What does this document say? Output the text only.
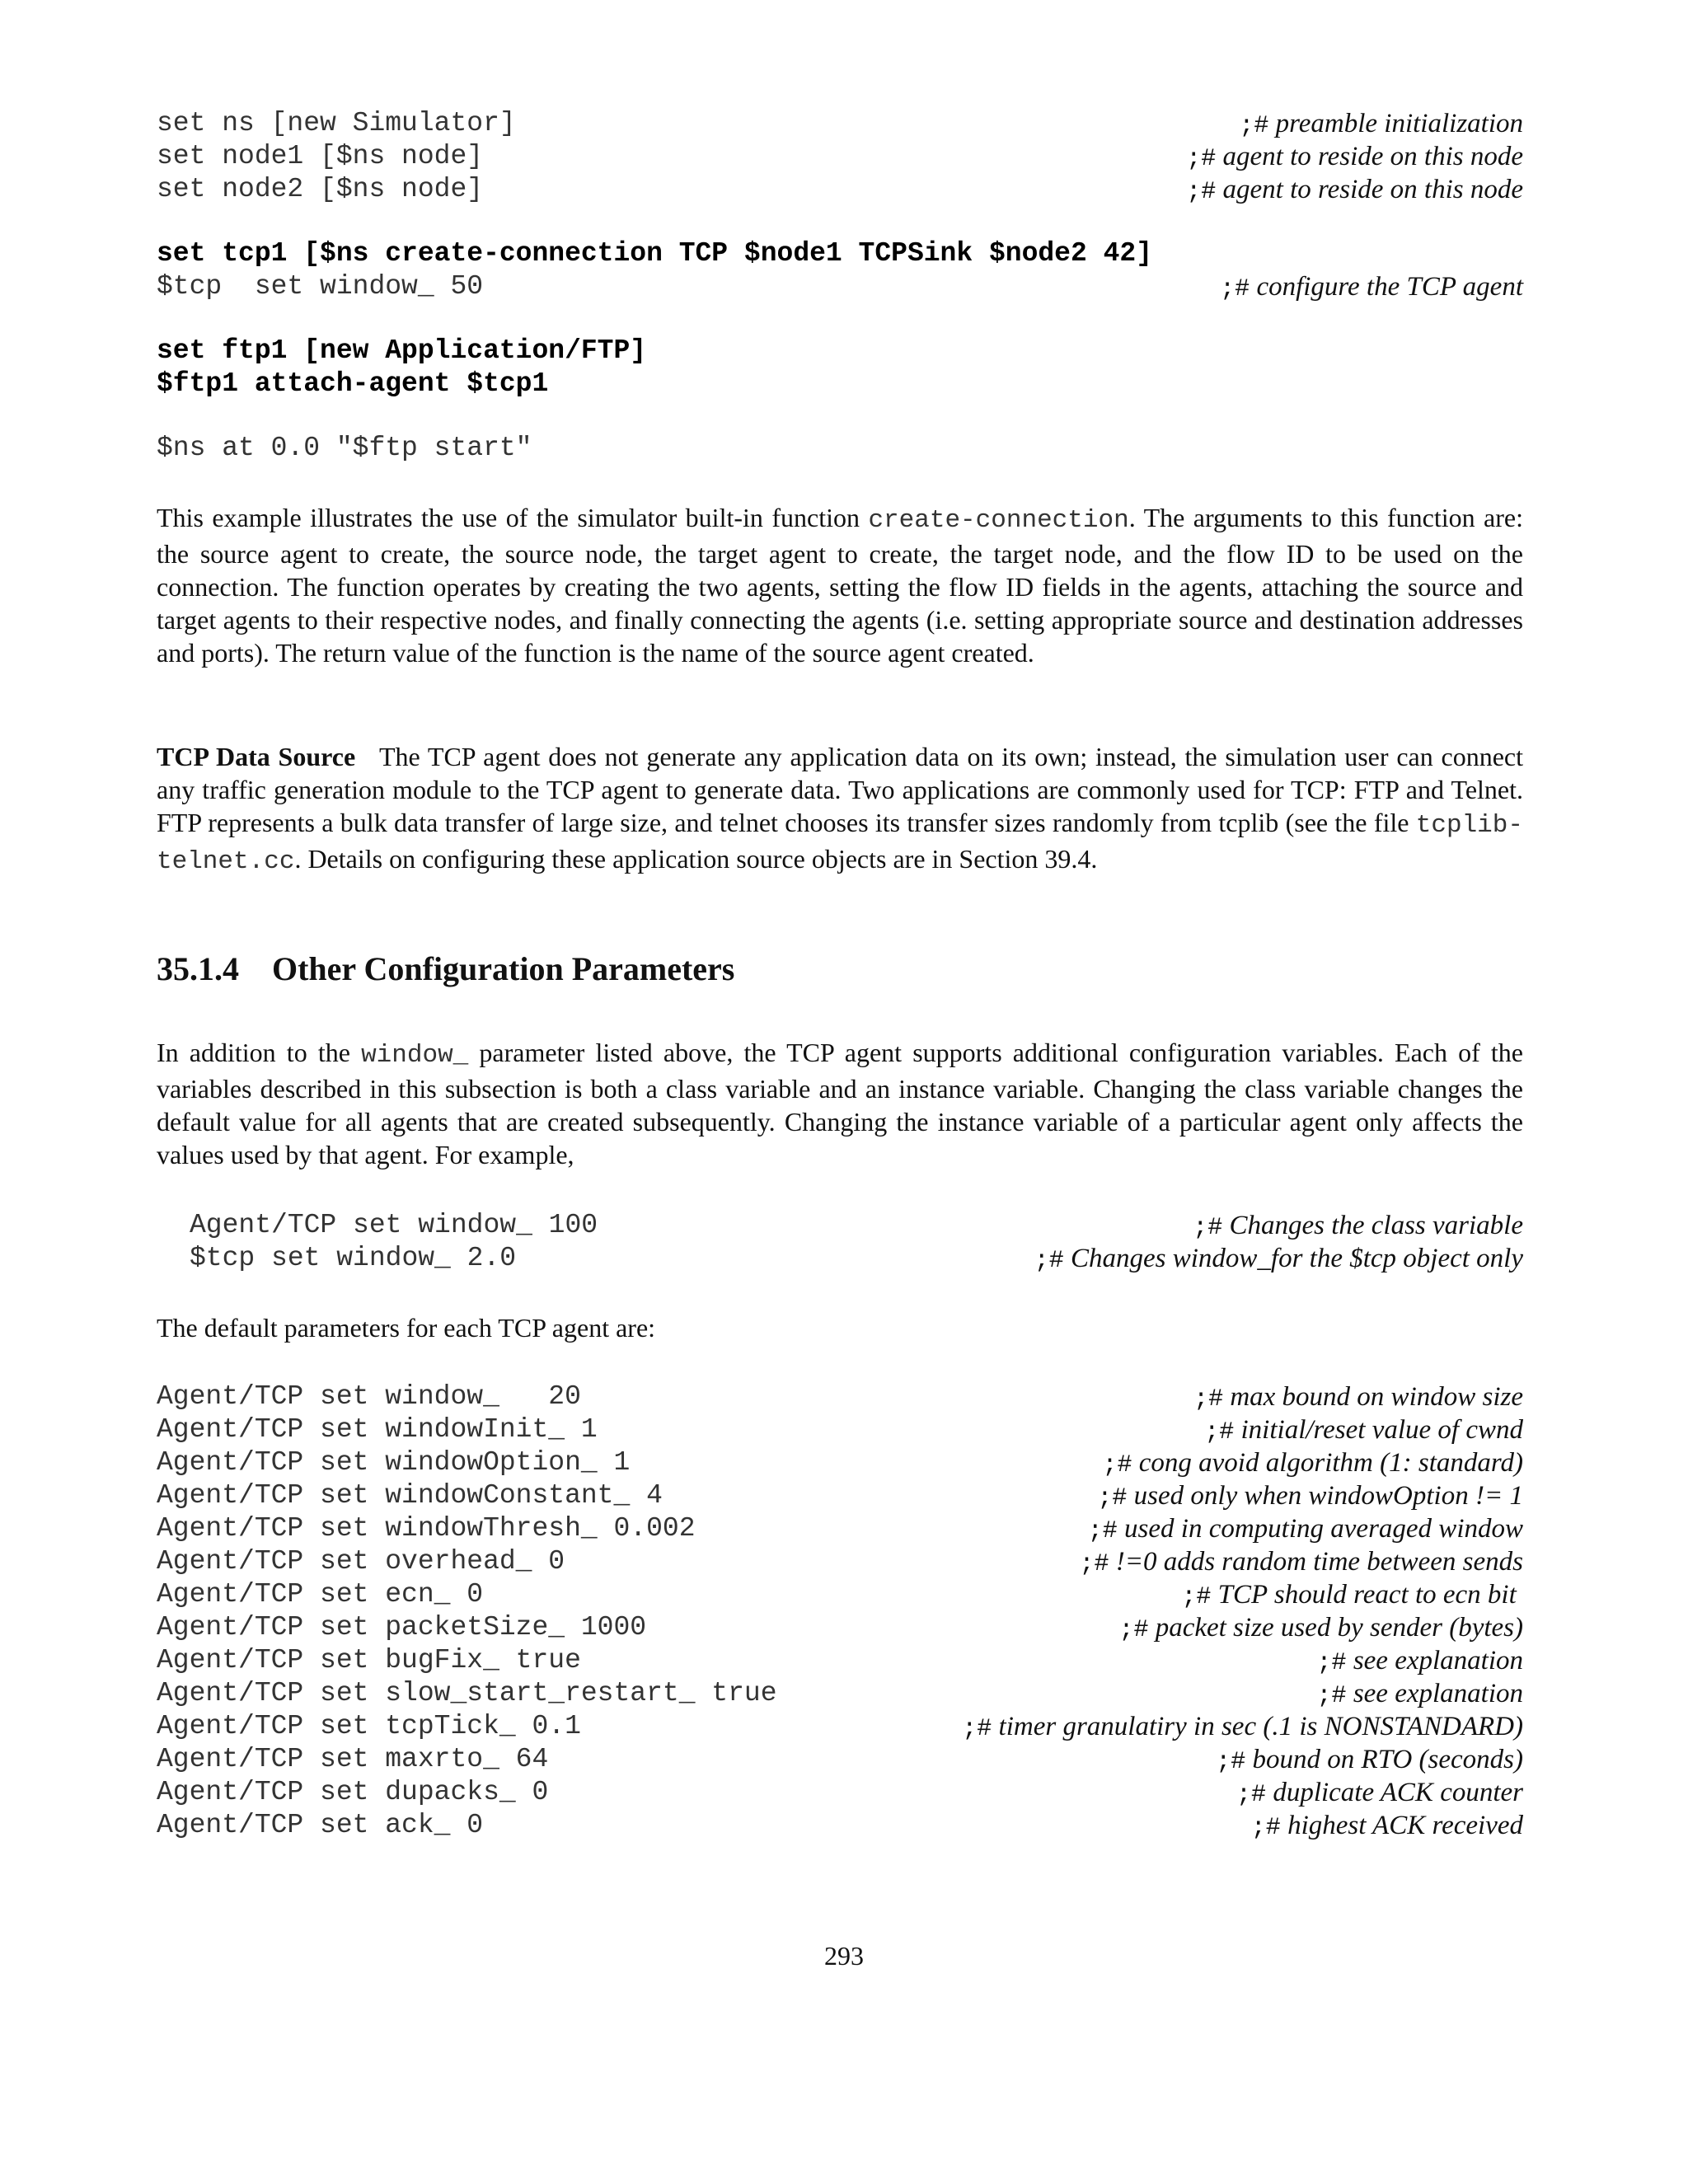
set ns [new Simulator]	;# preamble initialization
set node1 [$ns node]	;# agent to reside on this node
set node2 [$ns node]	;# agent to reside on this node
set tcp1 [$ns create-connection TCP $node1 TCPSink $node2 42]
$tcp  set window_ 50	;# configure the TCP agent
set ftp1 [new Application/FTP]
$ftp1 attach-agent $tcp1
$ns at 0.0 "$ftp start"

This example illustrates the use of the simulator built-in function create-connection. The arguments to this function are: the source agent to create, the source node, the target agent to create, the target node, and the flow ID to be used on the connection. The function operates by creating the two agents, setting the flow ID fields in the agents, attaching the source and target agents to their respective nodes, and finally connecting the agents (i.e. setting appropriate source and destination addresses and ports). The return value of the function is the name of the source agent created.

TCP Data Source   The TCP agent does not generate any application data on its own; instead, the simulation user can connect any traffic generation module to the TCP agent to generate data. Two applications are commonly used for TCP: FTP and Telnet. FTP represents a bulk data transfer of large size, and telnet chooses its transfer sizes randomly from tcplib (see the file tcplib-telnet.cc. Details on configuring these application source objects are in Section 39.4.

35.1.4 Other Configuration Parameters

In addition to the window_ parameter listed above, the TCP agent supports additional configuration variables. Each of the variables described in this subsection is both a class variable and an instance variable. Changing the class variable changes the default value for all agents that are created subsequently. Changing the instance variable of a particular agent only affects the values used by that agent. For example,

Agent/TCP set window_ 100	;# Changes the class variable
$tcp set window_ 2.0	;# Changes window_for the $tcp object only

The default parameters for each TCP agent are:

Agent/TCP set window_   20	;# max bound on window size
Agent/TCP set windowInit_ 1	;# initial/reset value of cwnd
Agent/TCP set windowOption_ 1	;# cong avoid algorithm (1: standard)
Agent/TCP set windowConstant_ 4	;# used only when windowOption != 1
Agent/TCP set windowThresh_ 0.002	;# used in computing averaged window
Agent/TCP set overhead_ 0	;# !=0 adds random time between sends
Agent/TCP set ecn_ 0	;# TCP should react to ecn bit
Agent/TCP set packetSize_ 1000	;# packet size used by sender (bytes)
Agent/TCP set bugFix_ true	;# see explanation
Agent/TCP set slow_start_restart_ true	;# see explanation
Agent/TCP set tcpTick_ 0.1	;# timer granulatiry in sec (.1 is NONSTANDARD)
Agent/TCP set maxrto_ 64	;# bound on RTO (seconds)
Agent/TCP set dupacks_ 0	;# duplicate ACK counter
Agent/TCP set ack_ 0	;# highest ACK received
293
